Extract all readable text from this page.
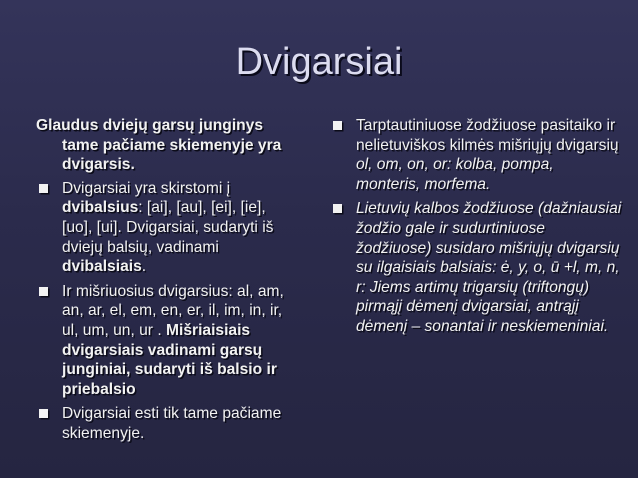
Dvigarsiai
Glaudus dviejų garsų junginys tame pačiame skiemenyje yra dvigarsis.
Dvigarsiai yra skirstomi į dvibalsius: [ai], [au], [ei], [ie], [uo], [ui]. Dvigarsiai, sudaryti iš dviejų balsių, vadinami dvibalsiais.
Ir mišriuosius dvigarsius: al, am, an, ar, el, em, en, er, il, im, in, ir, ul, um, un, ur . Mišriaisiais dvigarsiais vadinami garsų junginiai, sudaryti iš balsio ir priebalsio
Dvigarsiai esti tik tame pačiame skiemenyje.
Tarptautiniuose žodžiuose pasitaiko ir nelietuviškos kilmės mišriųjų dvigarsių ol, om, on, or: kolba, pompa, monteris, morfema.
Lietuvių kalbos žodžiuose (dažniausiai žodžio gale ir sudurtiniuose žodžiuose) susidaro mišriųjų dvigarsių su ilgaisiais balsiais: ė, y, o, ū +l, m, n, r: Jiems artimų trigarsių (triftongų) pirmąjį dėmenį dvigarsiai, antrąjį dėmenį – sonantai ir neskiemeniniai.
